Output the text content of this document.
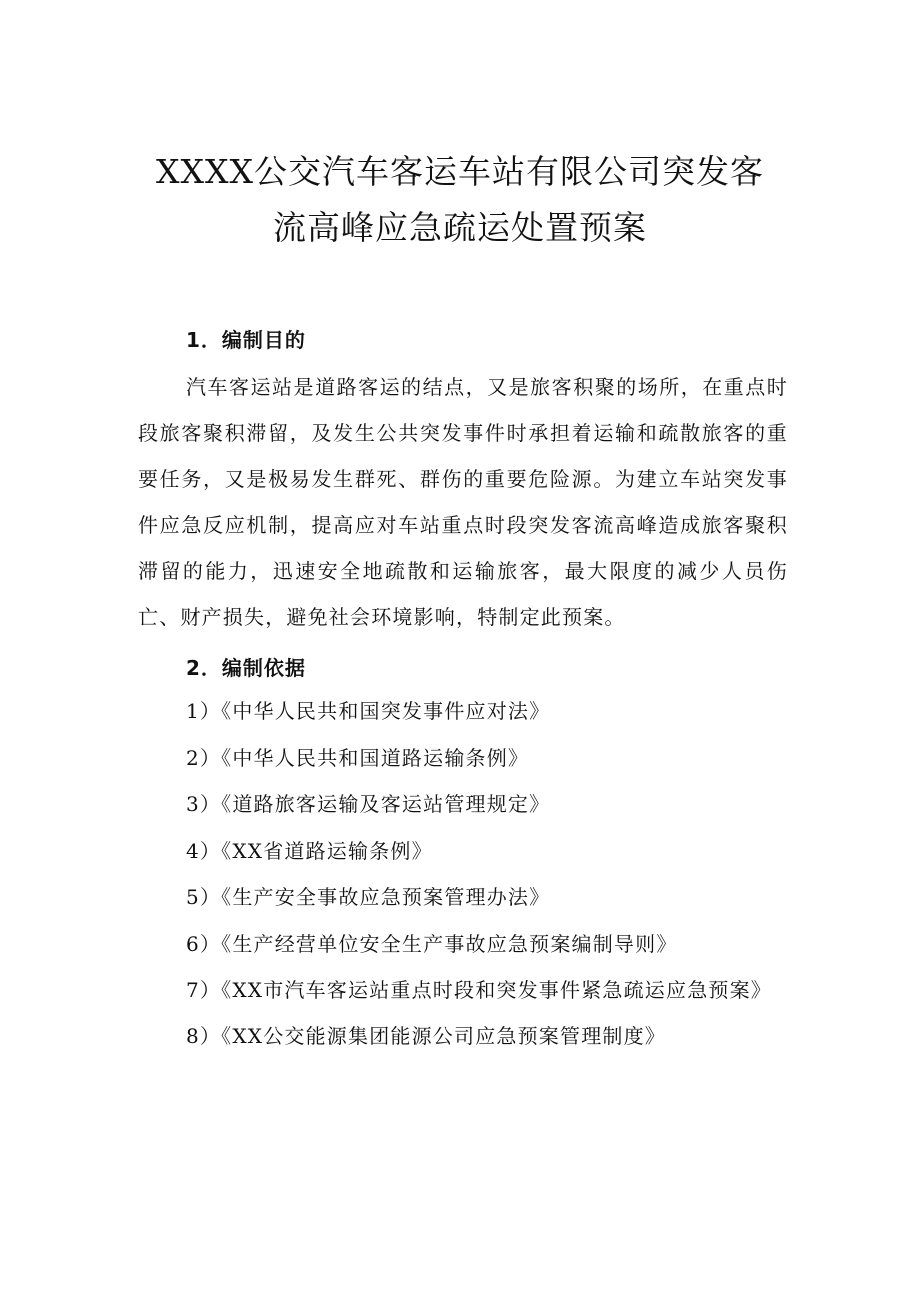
XXXX公交汽车客运车站有限公司突发客
流高峰应急疏运处置预案
1．编制目的

汽车客运站是道路客运的结点，又是旅客积聚的场所，在重点时段旅客聚积滞留，及发生公共突发事件时承担着运输和疏散旅客的重要任务，又是极易发生群死、群伤的重要危险源。为建立车站突发事件应急反应机制，提高应对车站重点时段突发客流高峰造成旅客聚积滞留的能力，迅速安全地疏散和运输旅客，最大限度的减少人员伤亡、财产损失，避免社会环境影响，特制定此预案。

2．编制依据
1）《中华人民共和国突发事件应对法》
2）《中华人民共和国道路运输条例》
3）《道路旅客运输及客运站管理规定》
4）《XX省道路运输条例》
5）《生产安全事故应急预案管理办法》
6）《生产经营单位安全生产事故应急预案编制导则》
7）《XX市汽车客运站重点时段和突发事件紧急疏运应急预案》
8）《XX公交能源集团能源公司应急预案管理制度》
